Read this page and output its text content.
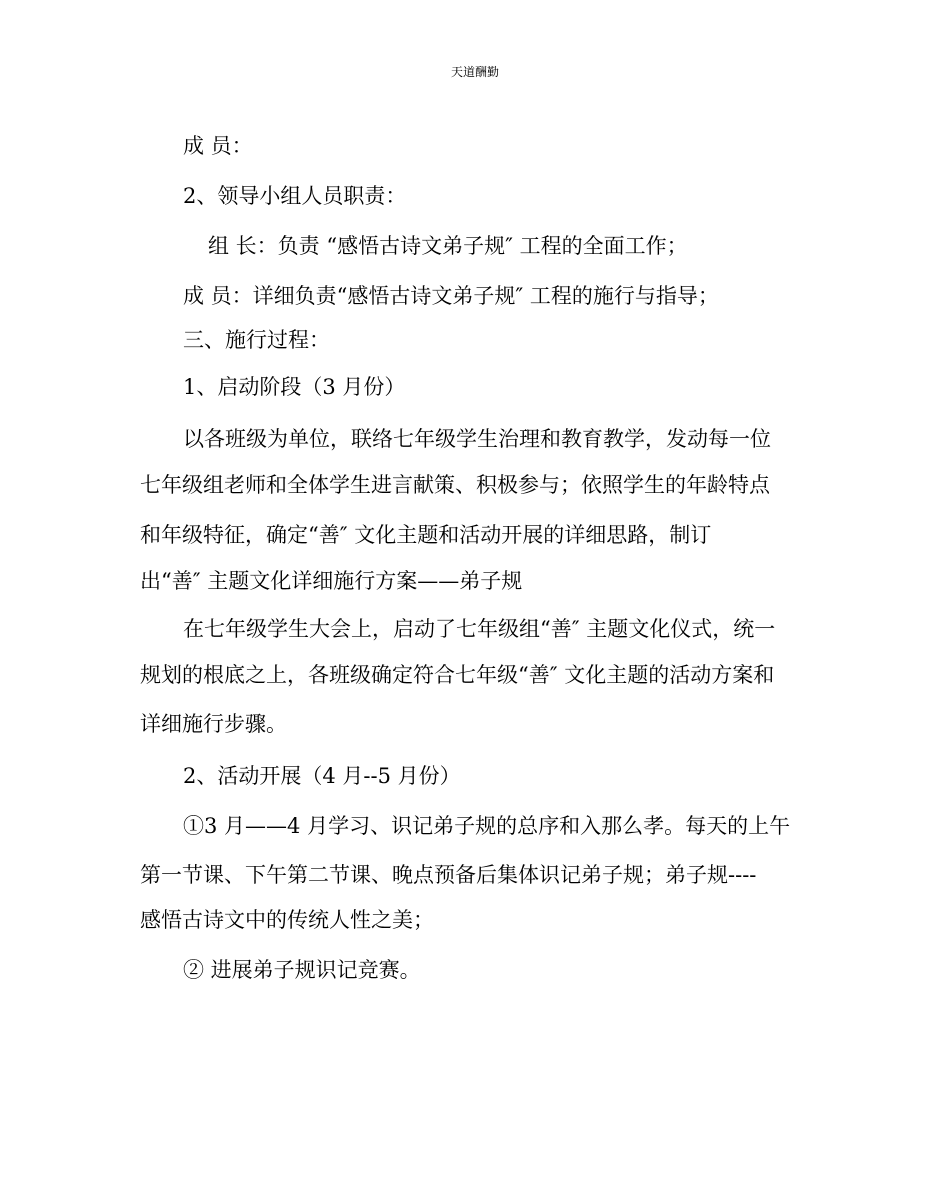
天道酬勤
成 员：
2、领导小组人员职责：
组 长：负责 “感悟古诗文弟子规″ 工程的全面工作；
成 员：详细负责“感悟古诗文弟子规″ 工程的施行与指导；
三、施行过程：
1、启动阶段（3 月份）
以各班级为单位，联络七年级学生治理和教育教学，发动每一位
七年级组老师和全体学生进言献策、积极参与；依照学生的年龄特点
和年级特征，确定“善″ 文化主题和活动开展的详细思路，制订
出“善″ 主题文化详细施行方案——弟子规
在七年级学生大会上，启动了七年级组“善″ 主题文化仪式，统一
规划的根底之上，各班级确定符合七年级“善″ 文化主题的活动方案和
详细施行步骤。
2、活动开展（4 月--5 月份）
①3 月——4 月学习、识记弟子规的总序和入那么孝。每天的上午
第一节课、下午第二节课、晚点预备后集体识记弟子规；弟子规----
感悟古诗文中的传统人性之美；
② 进展弟子规识记竞赛。
